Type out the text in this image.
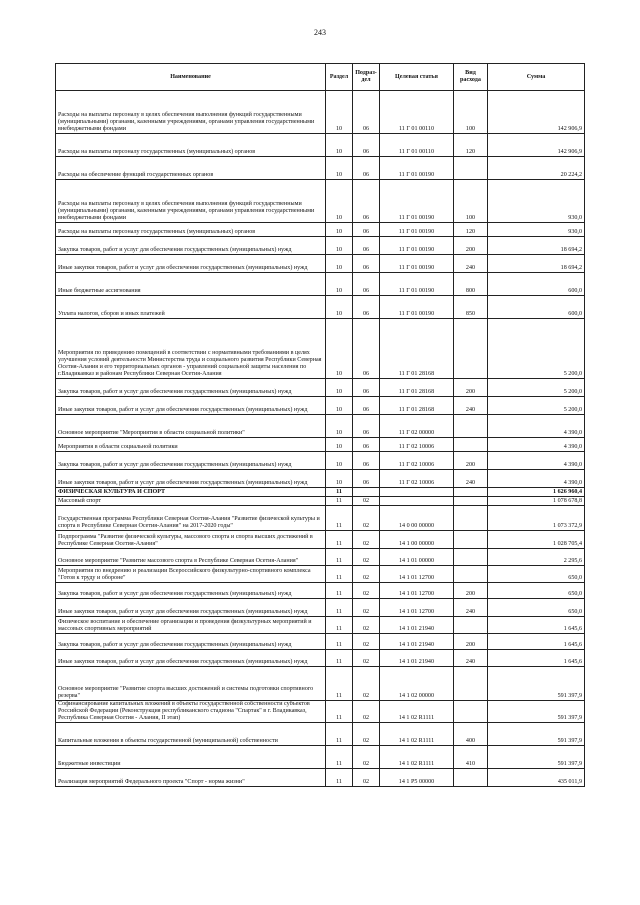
243
Наименование	Раздел	Подраз-дел	Целевая статья	Вид расхода	Сумма
Расходы на выплаты персоналу в целях обеспечения выполнения функций государственными (муниципальными) органами, казенными учреждениями, органами управления государственными внебюджетными фондами	10	06	11 Г 01 00110	100	142 906,9
Расходы на выплаты персоналу государственных (муниципальных) органов	10	06	11 Г 01 00110	120	142 906,9
Расходы на обеспечение функций государственных органов	10	06	11 Г 01 00190		20 224,2
Расходы на выплаты персоналу в целях обеспечения выполнения функций государственными (муниципальными) органами, казенными учреждениями, органами управления государственными внебюджетными фондами	10	06	11 Г 01 00190	100	930,0
Расходы на выплаты персоналу государственных (муниципальных) органов	10	06	11 Г 01 00190	120	930,0
Закупка товаров, работ и услуг для обеспечения государственных (муниципальных) нужд	10	06	11 Г 01 00190	200	18 694,2
Иные закупки товаров, работ и услуг для обеспечения государственных (муниципальных) нужд	10	06	11 Г 01 00190	240	18 694,2
Иные бюджетные ассигнования	10	06	11 Г 01 00190	800	600,0
Уплата налогов, сборов и иных платежей	10	06	11 Г 01 00190	850	600,0
Мероприятия по приведению помещений в соответствии с нормативными требованиями в целях улучшения условий деятельности Министерства труда и социального развития Республики Северная Осетия-Алания и его территориальных органов - управлений социальной защиты населения по г.Владикавказ и районам Республики Северная Осетия-Алания	10	06	11 Г 01 28168		5 200,0
Закупка товаров, работ и услуг для обеспечения государственных (муниципальных) нужд	10	06	11 Г 01 28168	200	5 200,0
Иные закупки товаров, работ и услуг для обеспечения государственных (муниципальных) нужд	10	06	11 Г 01 28168	240	5 200,0
Основное мероприятие "Мероприятия в области социальной политики"	10	06	11 Г 02 00000		4 390,0
Мероприятия в области социальной политики	10	06	11 Г 02 10006		4 390,0
Закупка товаров, работ и услуг для обеспечения государственных (муниципальных) нужд	10	06	11 Г 02 10006	200	4 390,0
Иные закупки товаров, работ и услуг для обеспечения государственных (муниципальных) нужд	10	06	11 Г 02 10006	240	4 390,0
ФИЗИЧЕСКАЯ КУЛЬТУРА И СПОРТ	11				1 626 960,4
Массовый спорт	11	02			1 078 678,8
Государственная программа Республики Северная Осетия-Алания "Развитие физической культуры и спорта в Республике Северная Осетия-Алания" на 2017-2020 годы"	11	02	14 0 00 00000		1 073 372,9
Подпрограмма "Развитие физической культуры, массового спорта и спорта высших достижений в Республике Северная Осетия-Алания"	11	02	14 1 00 00000		1 028 705,4
Основное мероприятие "Развитие массового спорта в Республике Северная Осетия-Алания"	11	02	14 1 01 00000		2 295,6
Мероприятия по внедрению и реализации Всероссийского физкультурно-спортивного комплекса "Готов к труду и обороне"	11	02	14 1 01 12700		650,0
Закупка товаров, работ и услуг для обеспечения государственных (муниципальных) нужд	11	02	14 1 01 12700	200	650,0
Иные закупки товаров, работ и услуг для обеспечения государственных (муниципальных) нужд	11	02	14 1 01 12700	240	650,0
Физическое воспитание и обеспечение организации и проведения физкультурных мероприятий и массовых спортивных мероприятий	11	02	14 1 01 21940		1 645,6
Закупка товаров, работ и услуг для обеспечения государственных (муниципальных) нужд	11	02	14 1 01 21940	200	1 645,6
Иные закупки товаров, работ и услуг для обеспечения государственных (муниципальных) нужд	11	02	14 1 01 21940	240	1 645,6
Основное мероприятие "Развитие спорта высших достижений и системы подготовки спортивного резерва"	11	02	14 1 02 00000		591 397,9
Софинансирование капитальных вложений в объекты государственной собственности субъектов Российской Федерации (Реконструкция республиканского стадиона "Спартак" в г. Владикавказ, Республика Северная Осетия - Алания, II этап)	11	02	14 1 02 R1111		591 397,9
Капитальные вложения в объекты государственной (муниципальной) собственности	11	02	14 1 02 R1111	400	591 397,9
Бюджетные инвестиции	11	02	14 1 02 R1111	410	591 397,9
Реализация мероприятий Федерального проекта "Спорт - норма жизни"	11	02	14 1 P5 00000		435 011,9
